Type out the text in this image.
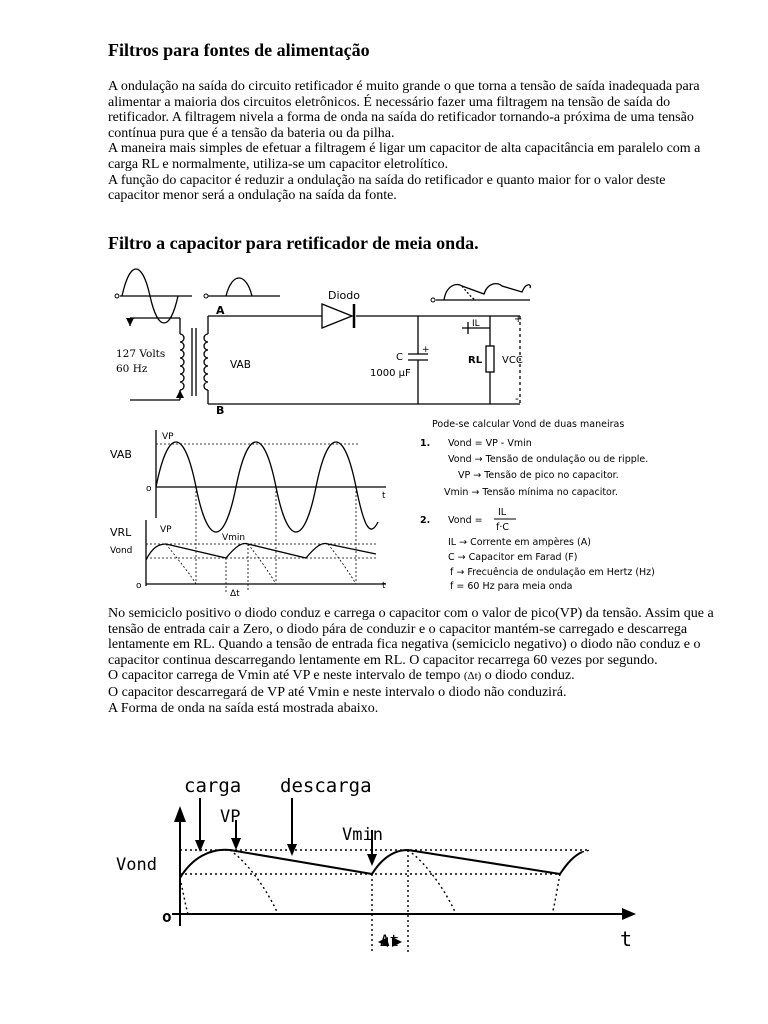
Filtros para fontes de alimentação

A ondulação na saída do circuito retificador é muito grande o que torna a tensão de saída inadequada para alimentar a maioria dos circuitos eletrônicos. É necessário fazer uma filtragem na tensão de saída do retificador. A filtragem nivela a forma de onda na saída do retificador tornando-a próxima de uma tensão contínua pura que é a tensão da bateria ou da pilha.

A maneira mais simples de efetuar a filtragem é ligar um capacitor de alta capacitância em paralelo com a carga RL e normalmente, utiliza-se um capacitor eletrolítico.

A função do capacitor é reduzir a ondulação na saída do retificador e quanto maior for o valor deste capacitor menor será a ondulação na saída da fonte.

Filtro a capacitor para retificador de meia onda.
Diodo
A
B
127 Volts
60 Hz	VAB
C
1000 µF
+
IL
RL VCC
+
-
VAB
VP
o
t
VRL	VP
Vmin
Vond
o	t
Δt
Pode-se calcular Vond de duas maneiras
1. Vond = VP - Vmin
Vond → Tensão de ondulação ou de ripple.
VP → Tensão de pico no capacitor.
Vmin → Tensão mínima no capacitor.
2. Vond =
IL
f·C
IL → Corrente em ampères (A)
C → Capacitor em Farad (F)
f → Frecuência de ondulação em Hertz (Hz)
f = 60 Hz para meia onda

No semiciclo positivo o diodo conduz e carrega o capacitor com o valor de pico(VP) da tensão. Assim que a tensão de entrada cair a Zero, o diodo pára de conduzir e o capacitor mantém-se carregado e descarrega lentamente em RL. Quando a tensão de entrada fica negativa (semiciclo negativo) o diodo não conduz e o capacitor continua descarregando lentamente em RL. O capacitor recarrega 60 vezes por segundo.

O capacitor carrega de Vmin até VP e neste intervalo de tempo (Δt) o diodo conduz.

O capacitor descarregará de VP até Vmin e neste intervalo o diodo não conduzirá.

A Forma de onda na saída está mostrada abaixo.

carga descarga
VP
Vmin
Vond
o
Δt	t
